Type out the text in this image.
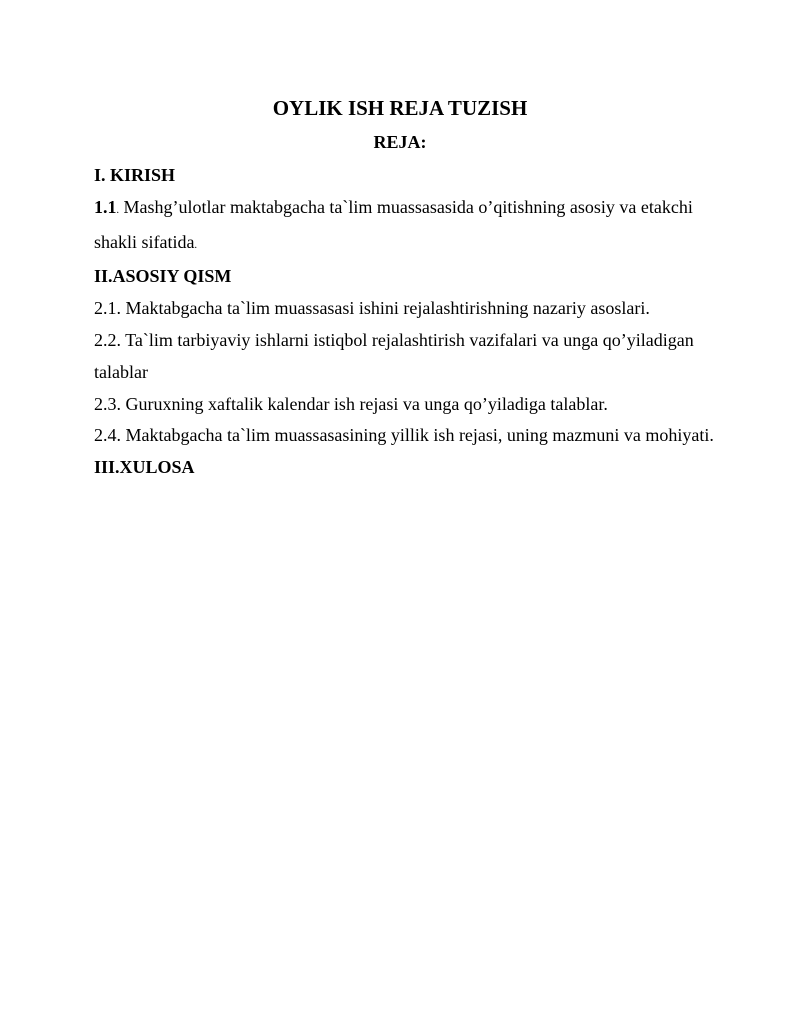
OYLIK ISH REJA TUZISH
REJA:

I. KIRISH

1.1. Mashg’ulotlar maktabgacha ta`lim muassasasida o’qitishning asosiy va etakchi shakli sifatida.

II.ASOSIY QISM

2.1. Maktabgacha ta`lim muassasasi ishini rejalashtirishning nazariy asoslari.

2.2. Ta`lim tarbiyaviy ishlarni istiqbol rejalashtirish vazifalari va unga qo’yiladigan talablar

2.3. Guruxning xaftalik kalendar ish rejasi va unga qo’yiladiga talablar.

2.4. Maktabgacha ta`lim muassasasining yillik ish rejasi, uning mazmuni va mohiyati.

III.XULOSA
